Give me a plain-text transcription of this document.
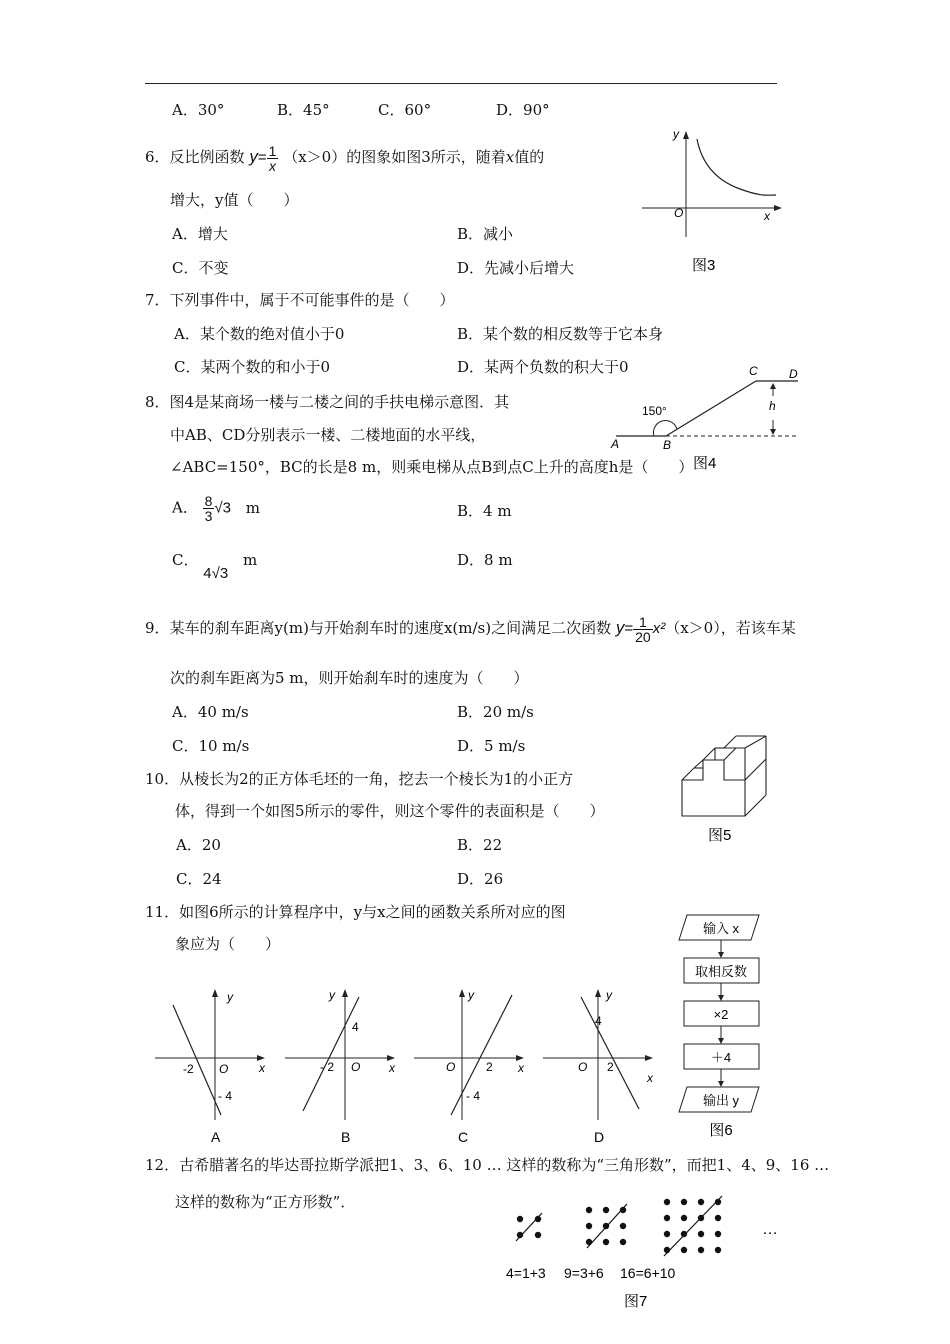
A．30°	B．45°	C．60°	D．90°
6．反比例函数 $y= \frac{1}{x} (x>0)$的图象如图3所示，随着x值的
增大，y值（　　）
A．增大	B．减小
C．不变	D．先减小后增大
y
O	x
图3
7．下列事件中，属于不可能事件的是（　　）
A．某个数的绝对值小于0	B．某个数的相反数等于它本身
C．某两个数的和小于0	D．某两个负数的积大于0
8．图4是某商场一楼与二楼之间的手扶电梯示意图．其
中AB、CD分别表示一楼、二楼地面的水平线，
∠ABC=150°，BC的长是8 m，则乘电梯从点B到点C上升的高度h是（　　）
A． $\frac{8}{3} √3$ m	B．4 m
C． 4√3 m	D．8 m
A	B
C	D
h
150°
图4
9．某车的刹车距离y(m)与开始刹车时的速度x(m/s)之间满足二次函数 $y= \frac{1}{20} x^2(x>0)$，若该车某
次的刹车距离为5 m，则开始刹车时的速度为（　　）
A．40 m/s	B．20 m/s
C．10 m/s	D．5 m/s
10．从棱长为2的正方体毛坯的一角，挖去一个棱长为1的小正方
体，得到一个如图5所示的零件，则这个零件的表面积是（　　）
A．20	B．22
C．24	D．26
图5
11．如图6所示的计算程序中，y与x之间的函数关系所对应的图
象应为（　　）
y
x
-2 O
- 4
A
y
x
4
- 2 O
B
y
x
O	2
- 4
C
y
x
4
O 2
D
输入 x
取相反数
×2
＋4
输出 y
图6
12．古希腊著名的毕达哥拉斯学派把1、3、6、10 … 这样的数称为“三角形数”，而把1、4、9、16 …
这样的数称为“正方形数”．
…
4=1+3 9=3+6 16=6+10
图7
